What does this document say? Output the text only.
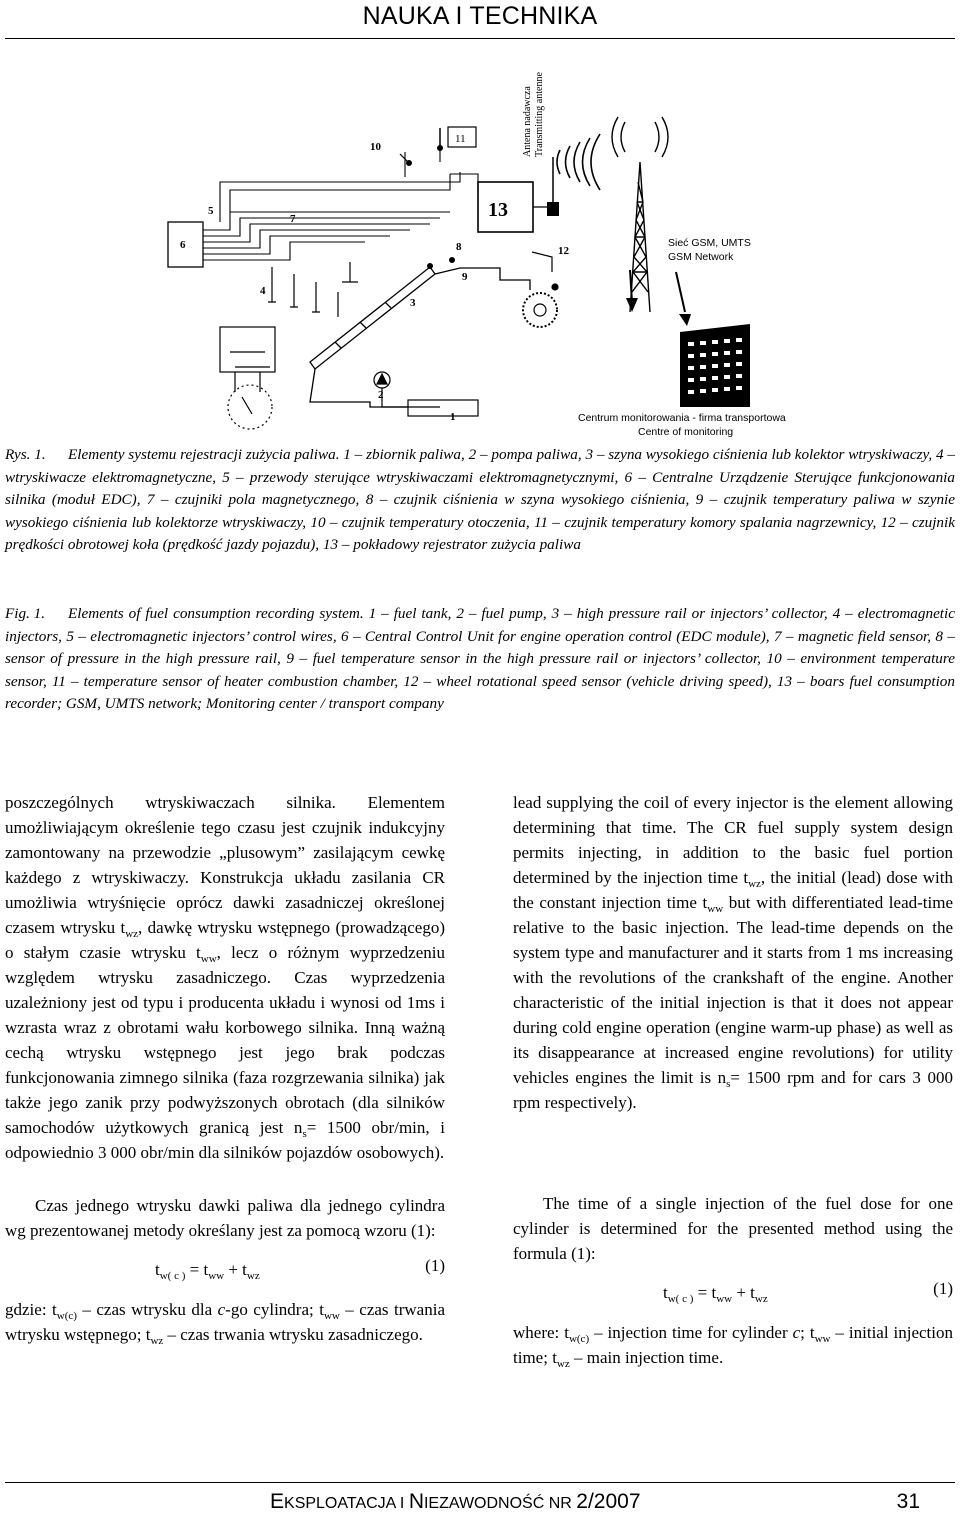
NAUKA I TECHNIKA
6
5
7
10
11
13
Antena nadawcza Transmitting antenne
Sieć GSM, UMTS
GSM Network
Centrum monitorowania - firma transportowa
Centre of monitoring
3
8
9
4
2
1
12
Rys. 1. Elementy systemu rejestracji zużycia paliwa. 1 – zbiornik paliwa, 2 – pompa paliwa, 3 – szyna wysokiego ciśnienia lub kolektor wtryskiwaczy, 4 – wtryskiwacze elektromagnetyczne, 5 – przewody sterujące wtryskiwaczami elektromagnetycznymi, 6 – Centralne Urządzenie Sterujące funkcjonowania silnika (moduł EDC), 7 – czujniki pola magnetycznego, 8 – czujnik ciśnienia w szyna wysokiego ciśnienia, 9 – czujnik temperatury paliwa w szynie wysokiego ciśnienia lub kolektorze wtryskiwaczy, 10 – czujnik temperatury otoczenia, 11 – czujnik temperatury komory spalania nagrzewnicy, 12 – czujnik prędkości obrotowej koła (prędkość jazdy pojazdu), 13 – pokładowy rejestrator zużycia paliwa
Fig. 1. Elements of fuel consumption recording system. 1 – fuel tank, 2 – fuel pump, 3 – high pressure rail or injectors’ collector, 4 – electromagnetic injectors, 5 – electromagnetic injectors’ control wires, 6 – Central Control Unit for engine operation control (EDC module), 7 – magnetic field sensor, 8 – sensor of pressure in the high pressure rail, 9 – fuel temperature sensor in the high pressure rail or injectors’ collector, 10 – environment temperature sensor, 11 – temperature sensor of heater combustion chamber, 12 – wheel rotational speed sensor (vehicle driving speed), 13 – boars fuel consumption recorder; GSM, UMTS network; Monitoring center / transport company

poszczególnych wtryskiwaczach silnika. Elementem umożliwiającym określenie tego czasu jest czujnik indukcyjny zamontowany na przewodzie „plusowym” zasilającym cewkę każdego z wtryskiwaczy. Konstrukcja układu zasilania CR umożliwia wtryśnięcie oprócz dawki zasadniczej określonej czasem wtrysku $t_{wz}$, dawkę wtrysku wstępnego (prowadzącego) o stałym czasie wtrysku $t_{ww}$, lecz o różnym wyprzedzeniu względem wtrysku zasadniczego. Czas wyprzedzenia uzależniony jest od typu i producenta układu i wynosi od 1ms i wzrasta wraz z obrotami wału korbowego silnika. Inną ważną cechą wtrysku wstępnego jest jego brak podczas funkcjonowania zimnego silnika (faza rozgrzewania silnika) jak także jego zanik przy podwyższonych obrotach (dla silników samochodów użytkowych granicą jest $n_s= 1500$ obr/min, i odpowiednio 3 000 obr/min dla silników pojazdów osobowych).

Czas jednego wtrysku dawki paliwa dla jednego cylindra wg prezentowanej metody określany jest za pomocą wzoru (1):

$t_{w( c )} = t_{ww} + t_{wz}$
(1)

gdzie: $t_{w(c)}$ – czas wtrysku dla c-go cylindra; $t_{ww}$ – czas trwania wtrysku wstępnego; $t_{wz}$ – czas trwania wtrysku zasadniczego.

lead supplying the coil of every injector is the element allowing determining that time. The CR fuel supply system design permits injecting, in addition to the basic fuel portion determined by the injection time $t_{wz}$, the initial (lead) dose with the constant injection time $t_{ww}$ but with differentiated lead-time relative to the basic injection. The lead-time depends on the system type and manufacturer and it starts from 1 ms increasing with the revolutions of the crankshaft of the engine. Another characteristic of the initial injection is that it does not appear during cold engine operation (engine warm-up phase) as well as its disappearance at increased engine revolutions) for utility vehicles engines the limit is $n_s= 1500$ rpm and for cars 3 000 rpm respectively).

The time of a single injection of the fuel dose for one cylinder is determined for the presented method using the formula (1):

$t_{w( c )} = t_{ww} + t_{wz}$
(1)

where: $t_{w(c)}$ – injection time for cylinder c; $t_{ww}$ – initial injection time; $t_{wz}$ – main injection time.

EKSPLOATACJA I NIEZAWODNOŚĆ NR 2/2007	31
